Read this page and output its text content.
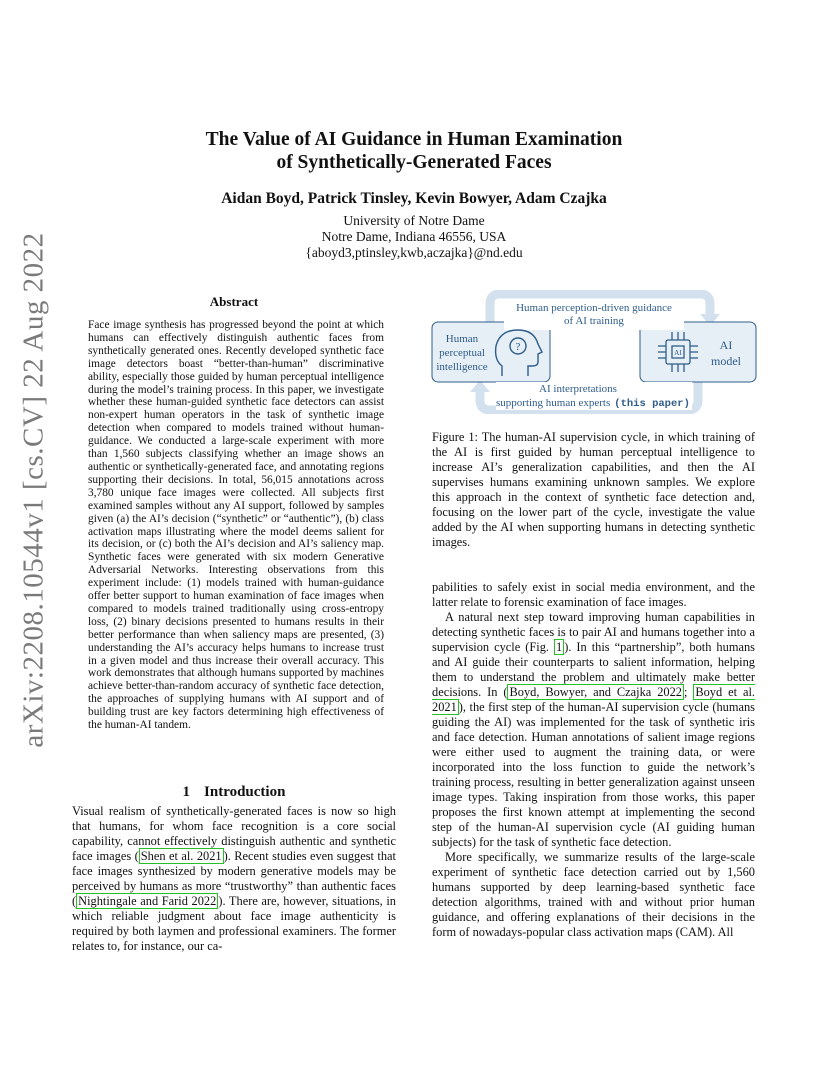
arXiv:2208.10544v1 [cs.CV] 22 Aug 2022
The Value of AI Guidance in Human Examination
of Synthetically-Generated Faces
Aidan Boyd, Patrick Tinsley, Kevin Bowyer, Adam Czajka
University of Notre Dame
Notre Dame, Indiana 46556, USA
{aboyd3,ptinsley,kwb,aczajka}@nd.edu
Abstract
Face image synthesis has progressed beyond the point at which humans can effectively distinguish authentic faces from synthetically generated ones. Recently developed synthetic face image detectors boast “better-than-human” discriminative ability, especially those guided by human perceptual intelligence during the model’s training process. In this paper, we investigate whether these human-guided synthetic face detectors can assist non-expert human operators in the task of synthetic image detection when compared to models trained without human-guidance. We conducted a large-scale experiment with more than 1,560 subjects classifying whether an image shows an authentic or synthetically-generated face, and annotating regions supporting their decisions. In total, 56,015 annotations across 3,780 unique face images were collected. All subjects first examined samples without any AI support, followed by samples given (a) the AI’s decision (“synthetic” or “authentic”), (b) class activation maps illustrating where the model deems salient for its decision, or (c) both the AI’s decision and AI’s saliency map. Synthetic faces were generated with six modern Generative Adversarial Networks. Interesting observations from this experiment include: (1) models trained with human-guidance offer better support to human examination of face images when compared to models trained traditionally using cross-entropy loss, (2) binary decisions presented to humans results in their better performance than when saliency maps are presented, (3) understanding the AI’s accuracy helps humans to increase trust in a given model and thus increase their overall accuracy. This work demonstrates that although humans supported by machines achieve better-than-random accuracy of synthetic face detection, the approaches of supplying humans with AI support and of building trust are key factors determining high effectiveness of the human-AI tandem.
1 Introduction

Visual realism of synthetically-generated faces is now so high that humans, for whom face recognition is a core social capability, cannot effectively distinguish authentic and synthetic face images ( Shen et al. 2021 ). Recent studies even suggest that face images synthesized by modern generative models may be perceived by humans as more “trustworthy” than authentic faces ( Nightingale and Farid 2022 ). There are, however, situations, in which reliable judgment about face image authenticity is required by both laymen and professional examiners. The former relates to, for instance, our ca-

Human perception-driven guidance
of AI training
AI interpretations
supporting human experts (this paper)
Human
perceptual
intelligence
?	AI
AI
model
Figure 1: The human-AI supervision cycle, in which training of the AI is first guided by human perceptual intelligence to increase AI’s generalization capabilities, and then the AI supervises humans examining unknown samples. We explore this approach in the context of synthetic face detection and, focusing on the lower part of the cycle, investigate the value added by the AI when supporting humans in detecting synthetic images.

pabilities to safely exist in social media environment, and the latter relate to forensic examination of face images.

A natural next step toward improving human capabilities in detecting synthetic faces is to pair AI and humans together into a supervision cycle (Fig. 1 ). In this “partnership”, both humans and AI guide their counterparts to salient information, helping them to understand the problem and ultimately make better decisions. In ( Boyd, Bowyer, and Czajka 2022 ; Boyd et al. 2021 ), the first step of the human-AI supervision cycle (humans guiding the AI) was implemented for the task of synthetic iris and face detection. Human annotations of salient image regions were either used to augment the training data, or were incorporated into the loss function to guide the network’s training process, resulting in better generalization against unseen image types. Taking inspiration from those works, this paper proposes the first known attempt at implementing the second step of the human-AI supervision cycle (AI guiding human subjects) for the task of synthetic face detection.

More specifically, we summarize results of the large-scale experiment of synthetic face detection carried out by 1,560 humans supported by deep learning-based synthetic face detection algorithms, trained with and without prior human guidance, and offering explanations of their decisions in the form of nowadays-popular class activation maps (CAM). All
